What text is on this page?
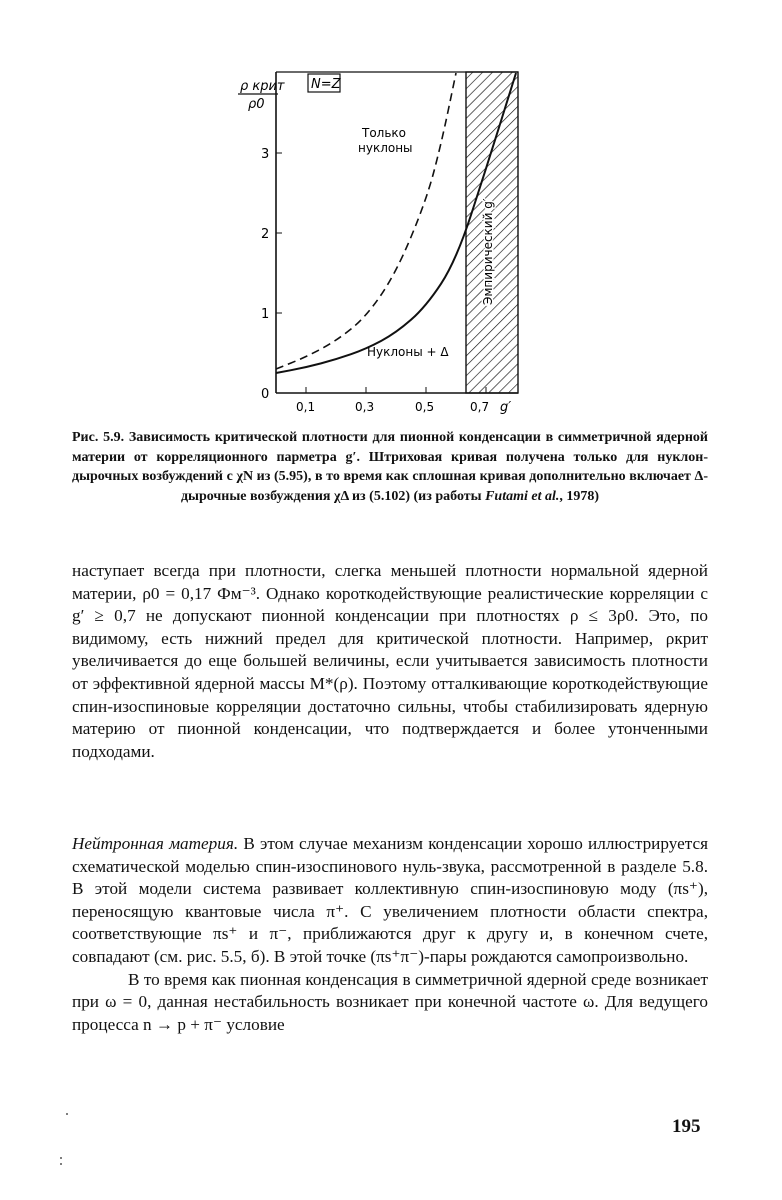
ρ крит
ρ0
Эмпирический g′
N=Z
0
1
2
3
0,1	0,3	0,5	0,7 g′
Только
нуклоны
Нуклоны + Δ
Рис. 5.9. Зависимость критической плотности для пионной конденсации в симметричной ядерной материи от корреляционного парметра g′. Штриховая кривая получена только для нуклон-дырочных возбуждений с χN из (5.95), в то время как сплошная кривая дополнительно включает Δ-дырочные возбуждения χΔ из (5.102) (из работы Futami et al., 1978)
наступает всегда при плотности, слегка меньшей плотности нормальной ядерной материи, ρ0 = 0,17 Фм⁻³. Однако короткодействующие реалистические корреляции с g′ ≥ 0,7 не допускают пионной конденсации при плотностях ρ ≤ 3ρ0. Это, по видимому, есть нижний предел для критической плотности. Например, ρкрит увеличивается до еще большей величины, если учитывается зависимость плотности от эффективной ядерной массы M*(ρ). Поэтому отталкивающие короткодействующие спин-изоспиновые корреляции достаточно сильны, чтобы стабилизировать ядерную материю от пионной конденсации, что подтверждается и более утонченными подходами.
Нейтронная материя. В этом случае механизм конденсации хорошо иллюстрируется схематической моделью спин-изоспинового нуль-звука, рассмотренной в разделе 5.8. В этой модели система развивает коллективную спин-изоспиновую моду (πs⁺), переносящую квантовые числа π⁺. С увеличением плотности области спектра, соответствующие πs⁺ и π⁻, приближаются друг к другу и, в конечном счете, совпадают (см. рис. 5.5, б). В этой точке (πs⁺π⁻)-пары рождаются самопроизвольно.
В то время как пионная конденсация в симметричной ядерной среде возникает при ω = 0, данная нестабильность возникает при конечной частоте ω. Для ведущего процесса n → p + π⁻ условие
195
